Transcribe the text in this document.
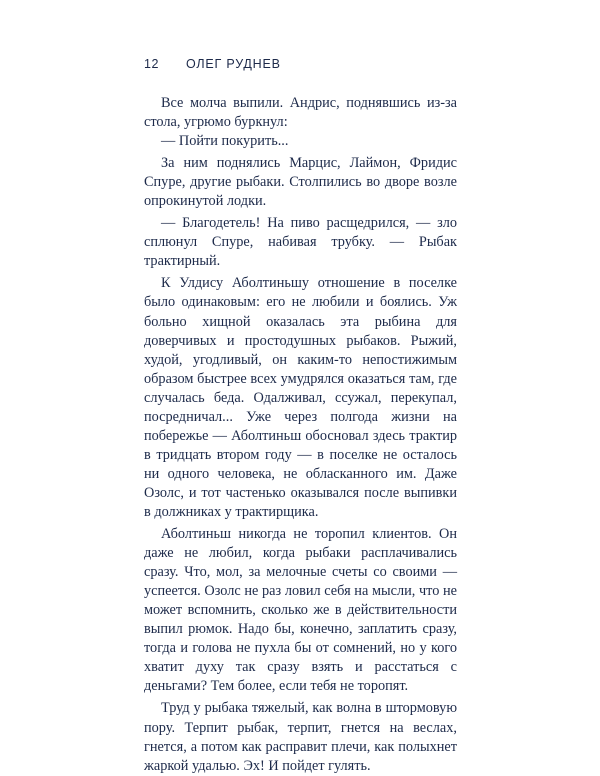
12	ОЛЕГ РУДНЕВ

Все молча выпили. Андрис, поднявшись из-за стола, угрюмо буркнул:

— Пойти покурить...

За ним поднялись Марцис, Лаймон, Фридис Спуре, другие рыбаки. Столпились во дворе возле опрокинутой лодки.

— Благодетель! На пиво расщедрился, — зло сплюнул Спуре, набивая трубку. — Рыбак трактирный.

К Улдису Аболтиньшу отношение в поселке было одинаковым: его не любили и боялись. Уж больно хищной оказалась эта рыбина для доверчивых и простодушных рыбаков. Рыжий, худой, угодливый, он каким-то непостижимым образом быстрее всех умудрялся оказаться там, где случалась беда. Одалживал, ссужал, перекупал, посредничал... Уже через полгода жизни на побережье — Аболтиньш обосновал здесь трактир в тридцать втором году — в поселке не осталось ни одного человека, не обласканного им. Даже Озолс, и тот частенько оказывался после выпивки в должниках у трактирщика.

Аболтиньш никогда не торопил клиентов. Он даже не любил, когда рыбаки расплачивались сразу. Что, мол, за мелочные счеты со своими — успеется. Озолс не раз ловил себя на мысли, что не может вспомнить, сколько же в действительности выпил рюмок. Надо бы, конечно, заплатить сразу, тогда и голова не пухла бы от сомнений, но у кого хватит духу так сразу взять и расстаться с деньгами? Тем более, если тебя не торопят.

Труд у рыбака тяжелый, как волна в штормовую пору. Терпит рыбак, терпит, гнется на веслах, гнется, а потом как расправит плечи, как полыхнет жаркой удалью. Эх! И пойдет гулять.
